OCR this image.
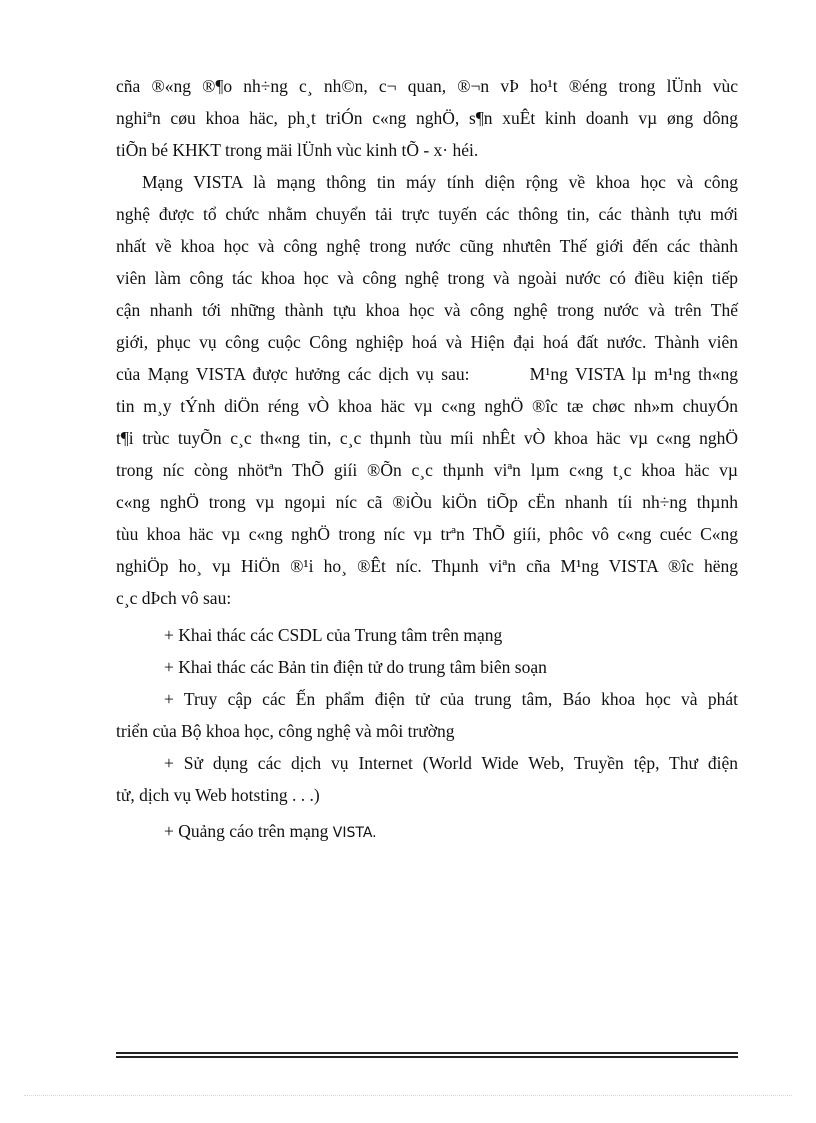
cña ®«ng ®¶o nh÷ng c¸ nh©n, c¬ quan, ®¬n vÞ ho¹t ®éng trong lÜnh vùc

nghiªn cøu khoa häc, ph¸t triÓn c«ng nghÖ, s¶n xuÊt kinh doanh vµ øng dông

tiÕn bé KHKT trong mäi lÜnh vùc kinh tÕ - x· héi.

Mạng VISTA là mạng thông tin máy tính diện rộng về khoa học và công

nghệ được tổ chức nhằm chuyển tải trực tuyến các thông tin, các thành tựu mới

nhất về khoa học và công nghệ trong nước cũng nhưtên Thế giới đến các thành

viên làm công tác khoa học và công nghệ trong và ngoài nước có điều kiện tiếp

cận nhanh tới những thành tựu khoa học và công nghệ trong nước và trên Thế

giới, phục vụ công cuộc Công nghiệp hoá và Hiện đại hoá đất nước. Thành viên

của Mạng VISTA được hưởng các dịch vụ sau:        M¹ng VISTA lµ m¹ng th«ng

tin m¸y tÝnh diÖn réng vÒ khoa häc vµ c«ng nghÖ ®îc tæ chøc nh»m chuyÓn

t¶i trùc tuyÕn c¸c th«ng tin, c¸c thµnh tùu míi nhÊt vÒ khoa häc vµ c«ng nghÖ

trong níc còng nhötªn ThÕ giíi ®Õn c¸c thµnh viªn lµm c«ng t¸c khoa häc vµ

c«ng nghÖ trong vµ ngoµi níc cã ®iÒu kiÖn tiÕp cËn nhanh tíi nh÷ng thµnh

tùu khoa häc vµ c«ng nghÖ trong níc vµ trªn ThÕ giíi, phôc vô c«ng cuéc C«ng

nghiÖp ho¸ vµ HiÖn ®¹i ho¸ ®Êt níc. Thµnh viªn cña M¹ng VISTA ®îc hëng

c¸c dÞch vô sau:

+ Khai thác các CSDL của Trung tâm trên mạng

+ Khai thác các Bản tin điện tử do trung tâm biên soạn

+ Truy cập các Ến phẩm điện tử của trung tâm, Báo khoa học và phát

triển của Bộ khoa học, công nghệ và môi trường

+ Sử dụng các dịch vụ Internet (World Wide Web, Truyền tệp, Thư điện

tử, dịch vụ Web hotsting . . .)

+ Quảng cáo trên mạng VISTA.
